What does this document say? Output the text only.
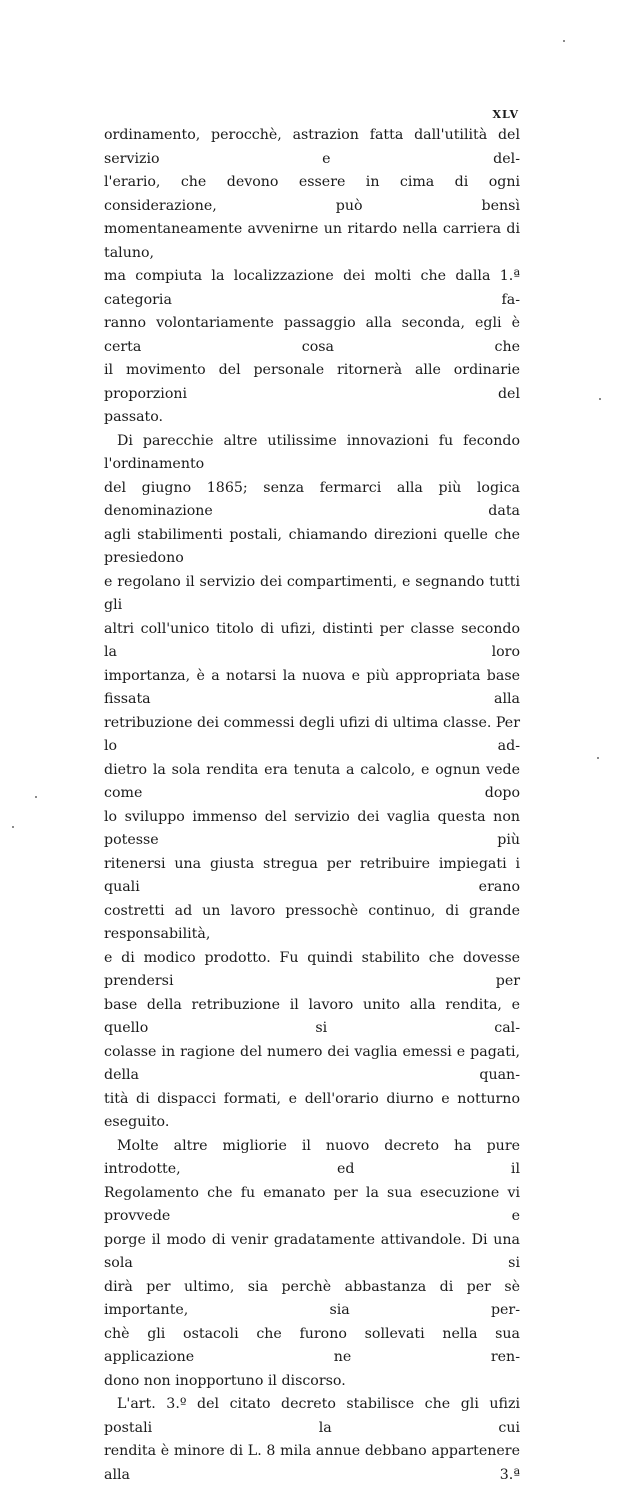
XLV

ordinamento, perocchè, astrazion fatta dall'utilità del servizio e del-

l'erario, che devono essere in cima di ogni considerazione, può bensì

momentaneamente avvenirne un ritardo nella carriera di taluno,

ma compiuta la localizzazione dei molti che dalla 1.ª categoria fa-

ranno volontariamente passaggio alla seconda, egli è certa cosa che

il movimento del personale ritornerà alle ordinarie proporzioni del

passato.

Di parecchie altre utilissime innovazioni fu fecondo l'ordinamento

del giugno 1865; senza fermarci alla più logica denominazione data

agli stabilimenti postali, chiamando direzioni quelle che presiedono

e regolano il servizio dei compartimenti, e segnando tutti gli

altri coll'unico titolo di ufizi, distinti per classe secondo la loro

importanza, è a notarsi la nuova e più appropriata base fissata alla

retribuzione dei commessi degli ufizi di ultima classe. Per lo ad-

dietro la sola rendita era tenuta a calcolo, e ognun vede come dopo

lo sviluppo immenso del servizio dei vaglia questa non potesse più

ritenersi una giusta stregua per retribuire impiegati i quali erano

costretti ad un lavoro pressochè continuo, di grande responsabilità,

e di modico prodotto. Fu quindi stabilito che dovesse prendersi per

base della retribuzione il lavoro unito alla rendita, e quello si cal-

colasse in ragione del numero dei vaglia emessi e pagati, della quan-

tità di dispacci formati, e dell'orario diurno e notturno eseguito.

Molte altre migliorie il nuovo decreto ha pure introdotte, ed il

Regolamento che fu emanato per la sua esecuzione vi provvede e

porge il modo di venir gradatamente attivandole. Di una sola si

dirà per ultimo, sia perchè abbastanza di per sè importante, sia per-

chè gli ostacoli che furono sollevati nella sua applicazione ne ren-

dono non inopportuno il discorso.

L'art. 3.º del citato decreto stabilisce che gli ufizi postali la cui

rendita è minore di L. 8 mila annue debbano appartenere alla 3.ª
